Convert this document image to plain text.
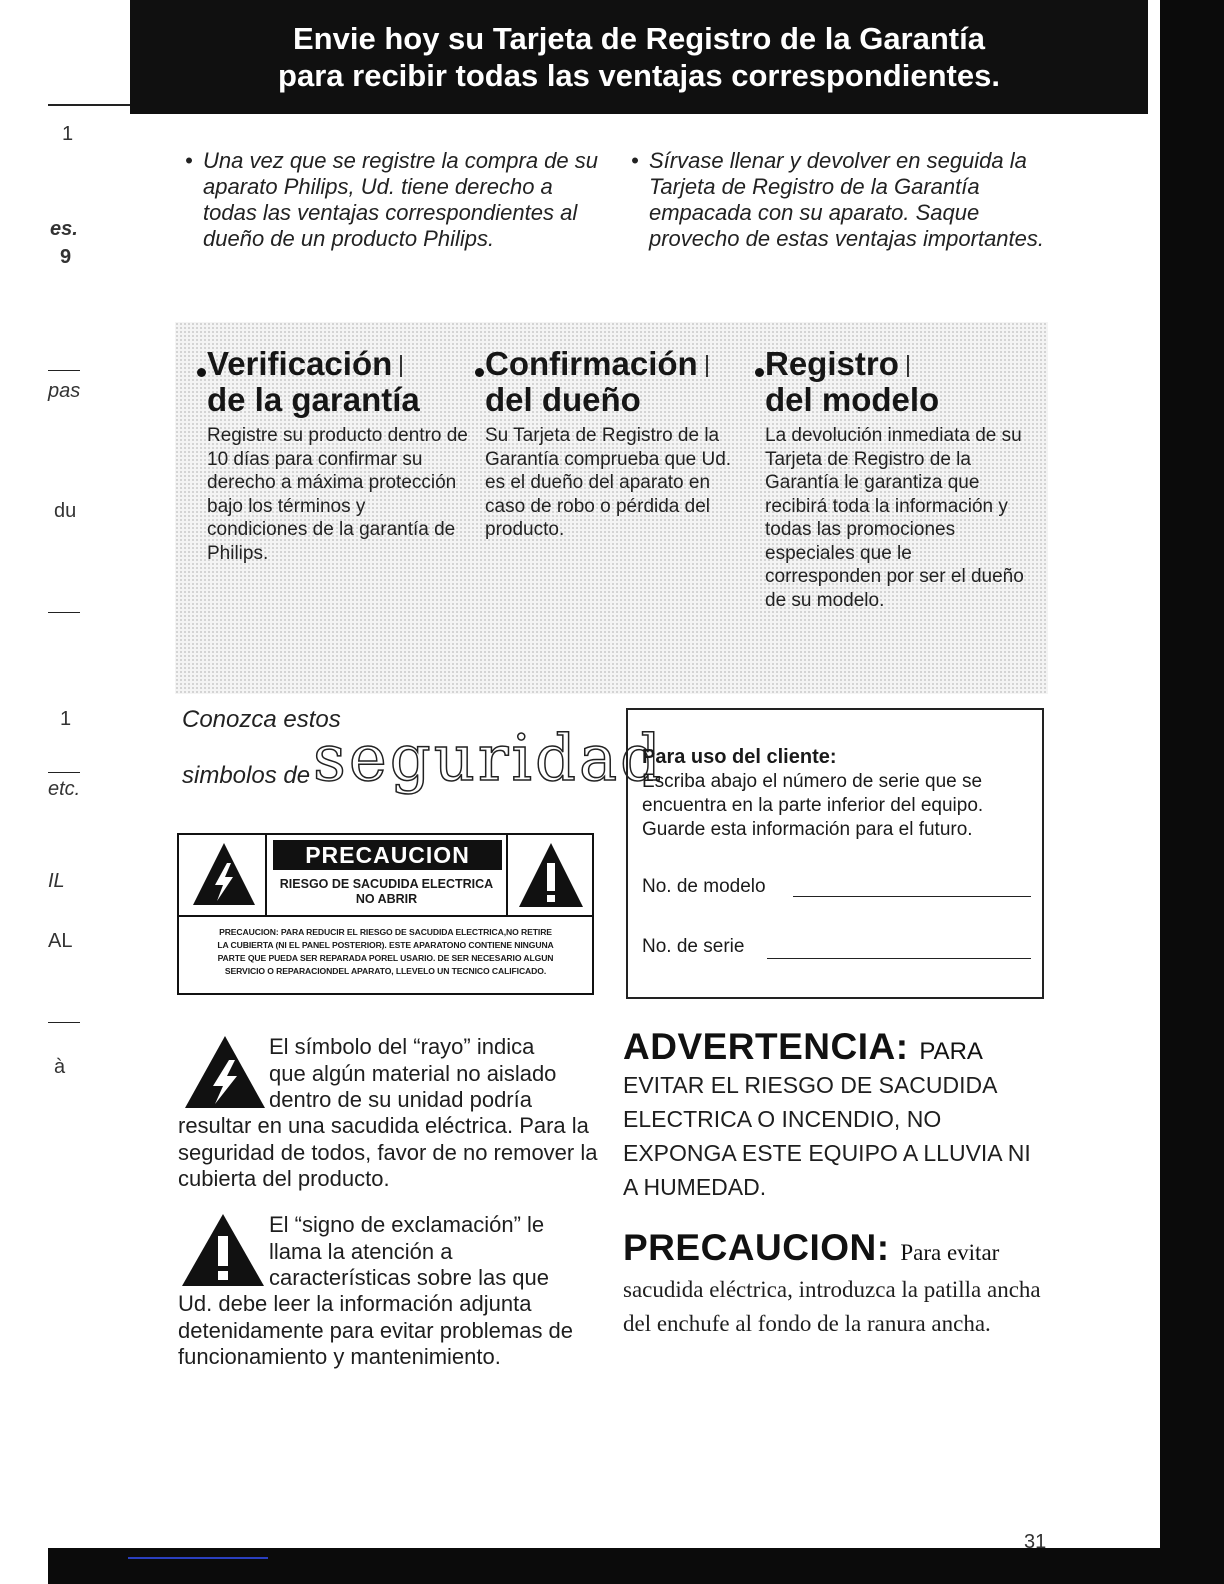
Envie hoy su Tarjeta de Registro de la Garantía
para recibir todas las ventajas correspondientes.
1
es.
9
pas
du
1
etc.
IL
AL
à
• Una vez que se registre la compra de su aparato Philips, Ud. tiene derecho a todas las ventajas correspondientes al dueño de un producto Philips.
• Sírvase llenar y devolver en seguida la Tarjeta de Registro de la Garantía empacada con su aparato. Saque provecho de estas ventajas importantes.
Verificación
de la garantía
Registre su producto dentro de 10 días para confirmar su derecho a máxima protección bajo los términos y condiciones de la garantía de Philips.
Confirmación
del dueño
Su Tarjeta de Registro de la Garantía comprueba que Ud. es el dueño del aparato en caso de robo o pérdida del producto.
Registro
del modelo
La devolución inmediata de su Tarjeta de Registro de la Garantía le garantiza que recibirá toda la información y todas las promociones especiales que le corresponden por ser el dueño de su modelo.
Conozca estos
simbolos de seguridad
PRECAUCION
RIESGO DE SACUDIDA ELECTRICA
NO ABRIR
PRECAUCION: PARA REDUCIR EL RIESGO DE SACUDIDA ELECTRICA,NO RETIRE
LA CUBIERTA (NI EL PANEL POSTERIOR). ESTE APARATONO CONTIENE NINGUNA
PARTE QUE PUEDA SER REPARADA POREL USARIO. DE SER NECESARIO ALGUN
SERVICIO O REPARACIONDEL APARATO, LLEVELO UN TECNICO CALIFICADO.
Para uso del cliente:
Escriba abajo el número de serie que se encuentra en la parte inferior del equipo. Guarde esta información para el futuro.
No. de modelo
No. de serie
El símbolo del “rayo” indica
que algún material no aislado
dentro de su unidad podría
resultar en una sacudida eléctrica. Para la seguridad de todos, favor de no remover la cubierta del producto.
El “signo de exclamación” le
llama la atención a
características sobre las que
Ud. debe leer la información adjunta detenidamente para evitar problemas de funcionamiento y mantenimiento.
ADVERTENCIA: PARA
EVITAR EL RIESGO DE SACUDIDA ELECTRICA O INCENDIO, NO EXPONGA ESTE EQUIPO A LLUVIA NI A HUMEDAD.
PRECAUCION: Para evitar
sacudida eléctrica, introduzca la patilla ancha del enchufe al fondo de la ranura ancha.
31
